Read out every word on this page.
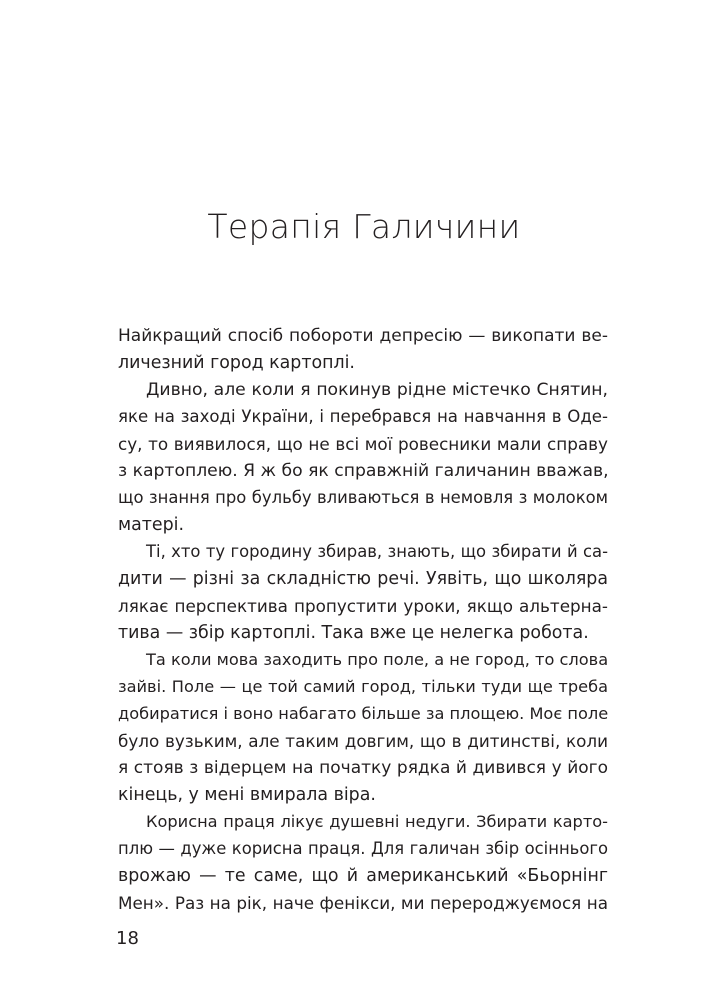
Терапія Галичини
Найкращий спосіб побороти депресію — викопати ве-
личезний город картоплі.
Дивно, але коли я покинув рідне містечко Снятин,
яке на заході України, і перебрався на навчання в Оде-
су, то виявилося, що не всі мої ровесники мали справу
з картоплею. Я ж бо як справжній галичанин вважав,
що знання про бульбу вливаються в немовля з молоком
матері.
Ті, хто ту городину збирав, знають, що збирати й са-
дити — різні за складністю речі. Уявіть, що школяра
лякає перспектива пропустити уроки, якщо альтерна-
тива — збір картоплі. Така вже це нелегка робота.
Та коли мова заходить про поле, а не город, то слова
зайві. Поле — це той самий город, тільки туди ще треба
добиратися і воно набагато більше за площею. Моє поле
було вузьким, але таким довгим, що в дитинстві, коли
я стояв з відерцем на початку рядка й дивився у його
кінець, у мені вмирала віра.
Корисна праця лікує душевні недуги. Збирати карто-
плю — дуже корисна праця. Для галичан збір осіннього
врожаю — те саме, що й американський «Бьорнінг
Мен». Раз на рік, наче фенікси, ми перероджуємося на
18
